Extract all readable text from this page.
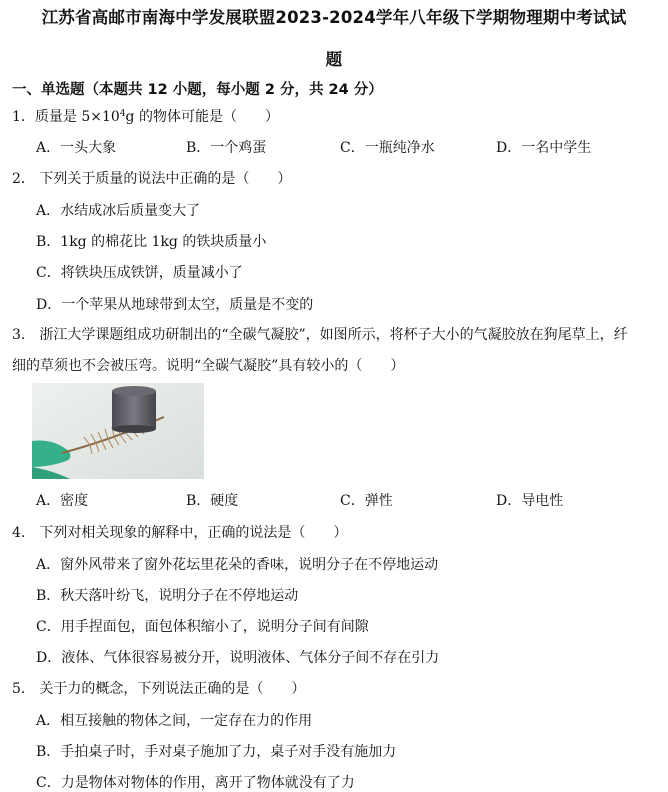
江苏省高邮市南海中学发展联盟2023-2024学年八年级下学期物理期中考试试
题
一、单选题（本题共 12 小题，每小题 2 分，共 24 分）
1．质量是 $5\times 10^4g$ 的物体可能是（　　）
A．一头大象	B．一个鸡蛋	C．一瓶纯净水	D．一名中学生
2． 下列关于质量的说法中正确的是（　　）
A．水结成冰后质量变大了
B．1kg 的棉花比 1kg 的铁块质量小
C．将铁块压成铁饼，质量减小了
D．一个苹果从地球带到太空，质量是不变的
3． 浙江大学课题组成功研制出的“全碳气凝胶”，如图所示，将杯子大小的气凝胶放在狗尾草上，纤
细的草须也不会被压弯。说明“全碳气凝胶”具有较小的（　　）
A．密度	B．硬度	C．弹性	D．导电性
4． 下列对相关现象的解释中，正确的说法是（　　）
A．窗外风带来了窗外花坛里花朵的香味，说明分子在不停地运动
B．秋天落叶纷飞，说明分子在不停地运动
C．用手捏面包，面包体积缩小了，说明分子间有间隙
D．液体、气体很容易被分开，说明液体、气体分子间不存在引力
5． 关于力的概念，下列说法正确的是（　　）
A．相互接触的物体之间，一定存在力的作用
B．手拍桌子时，手对桌子施加了力，桌子对手没有施加力
C．力是物体对物体的作用，离开了物体就没有了力
